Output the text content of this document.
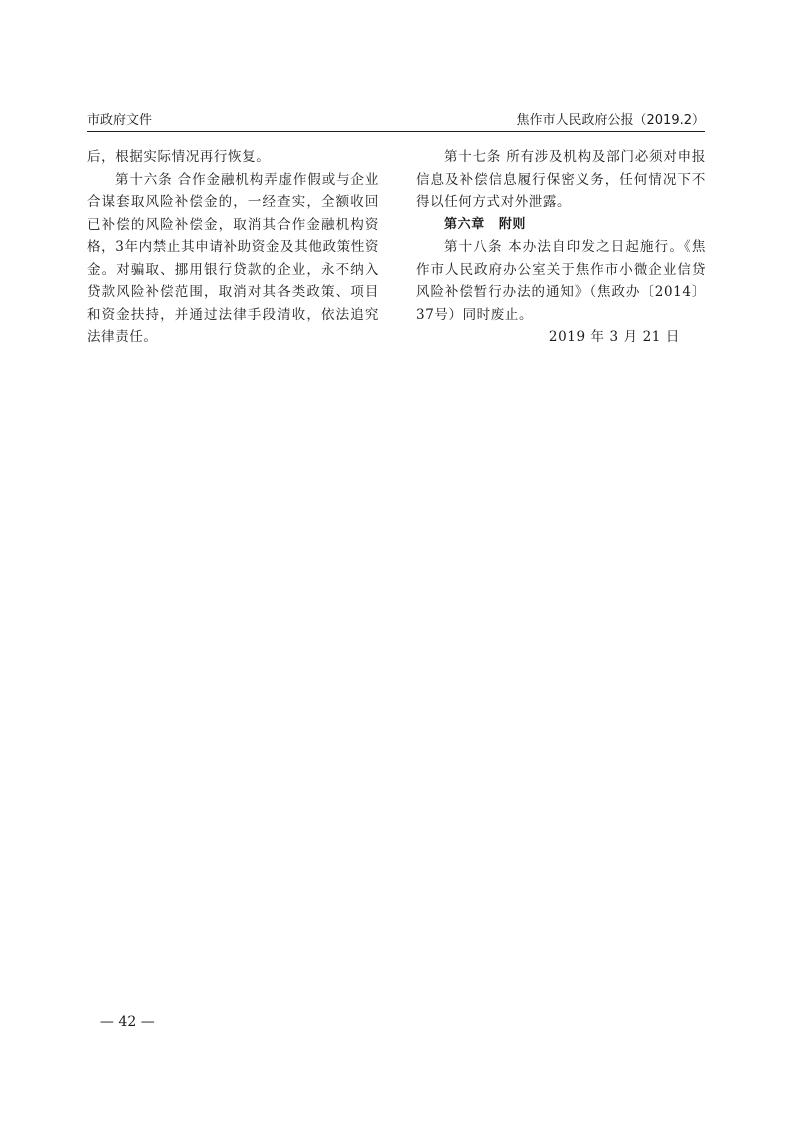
市政府文件	焦作市人民政府公报（2019.2）

后，根据实际情况再行恢复。

第十六条 合作金融机构弄虚作假或与企业合谋套取风险补偿金的，一经查实，全额收回已补偿的风险补偿金，取消其合作金融机构资格，3年内禁止其申请补助资金及其他政策性资金。对骗取、挪用银行贷款的企业，永不纳入贷款风险补偿范围，取消对其各类政策、项目和资金扶持，并通过法律手段清收，依法追究法律责任。

第十七条 所有涉及机构及部门必须对申报信息及补偿信息履行保密义务，任何情况下不得以任何方式对外泄露。

第六章 附则

第十八条 本办法自印发之日起施行。《焦作市人民政府办公室关于焦作市小微企业信贷风险补偿暂行办法的通知》（焦政办〔2014〕37号）同时废止。

2019 年 3 月 21 日

— 42 —
